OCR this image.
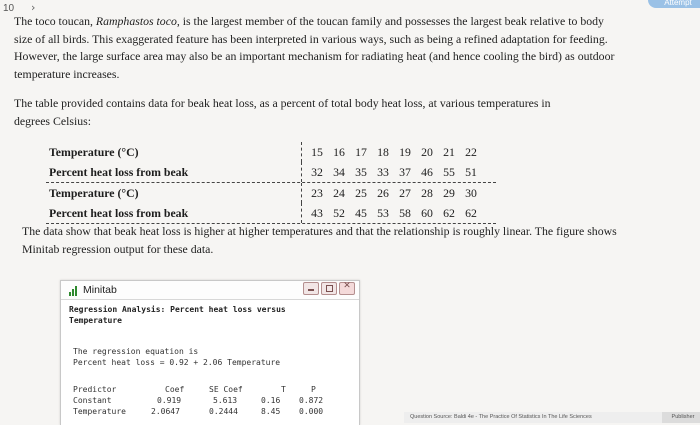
10 ›	Attempt
The toco toucan, Ramphastos toco, is the largest member of the toucan family and possesses the largest beak relative to body
size of all birds. This exaggerated feature has been interpreted in various ways, such as being a refined adaptation for feeding.
However, the large surface area may also be an important mechanism for radiating heat (and hence cooling the bird) as outdoor
temperature increases.
The table provided contains data for beak heat loss, as a percent of total body heat loss, at various temperatures in
degrees Celsius:
Temperature (°C)	15 16 17 18 19 20 21 22
Percent heat loss from beak	32 34 35 33 37 46 55 51
Temperature (°C)	23 24 25 26 27 28 29 30
Percent heat loss from beak	43 52 45 53 58 60 62 62
The data show that beak heat loss is higher at higher temperatures and that the relationship is roughly linear. The figure shows
Minitab regression output for these data.
Minitab
✕
Regression Analysis: Percent heat loss versus
Temperature
The regression equation is
Percent heat loss = 0.92 + 2.06 Temperature
Predictor	Coef	SE Coef	T	P
Constant	0.919	5.613	0.16 0.872
Temperature	2.0647	0.2444	8.45 0.000
Question Source: Baldi 4e - The Practice Of Statistics In The Life Sciences	Publisher
